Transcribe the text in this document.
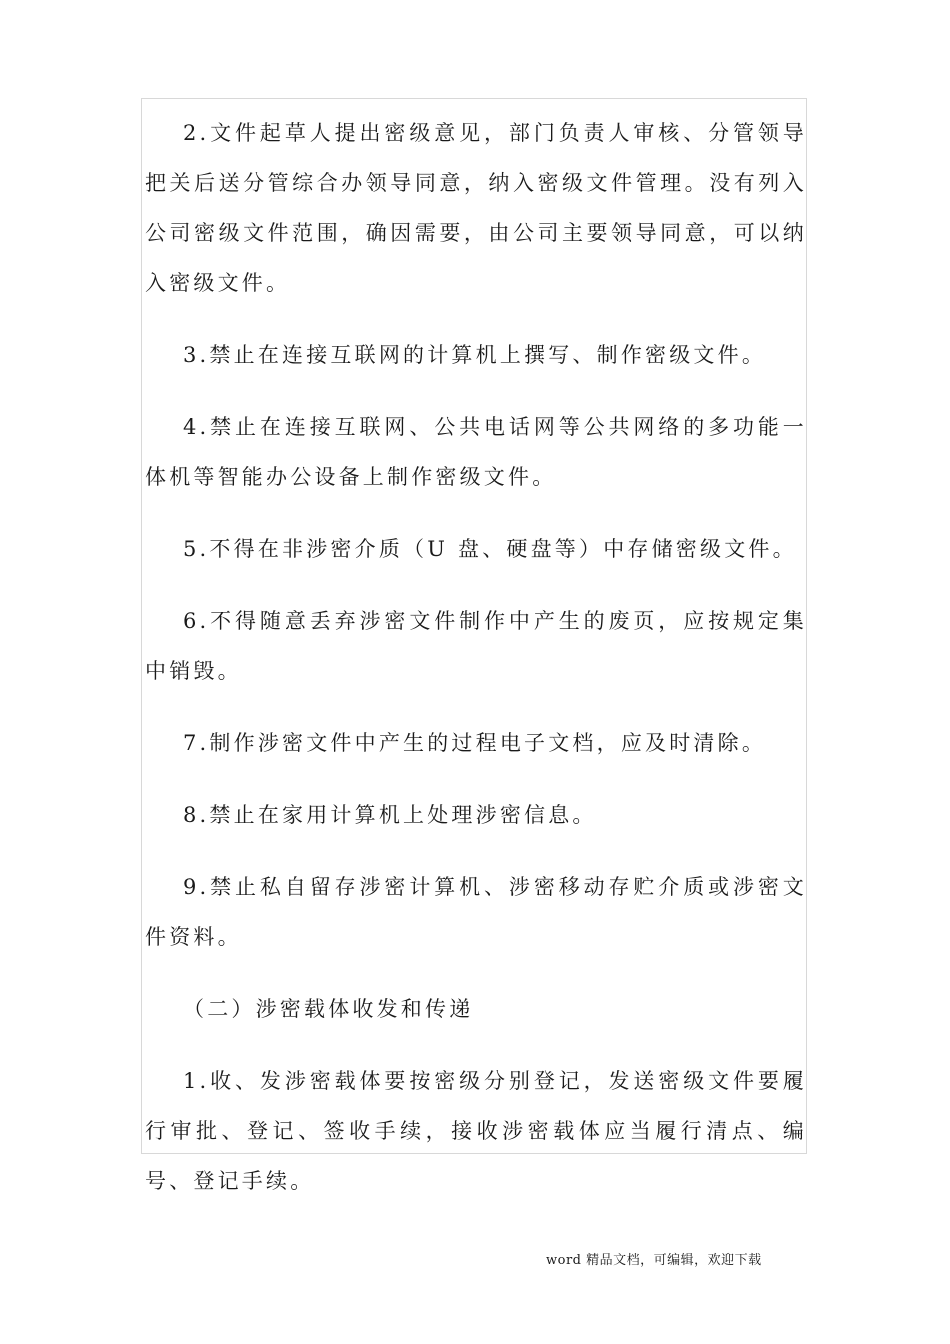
2.文件起草人提出密级意见，部门负责人审核、分管领导把关后送分管综合办领导同意，纳入密级文件管理。没有列入公司密级文件范围，确因需要，由公司主要领导同意，可以纳入密级文件。

3.禁止在连接互联网的计算机上撰写、制作密级文件。

4.禁止在连接互联网、公共电话网等公共网络的多功能一体机等智能办公设备上制作密级文件。

5.不得在非涉密介质（U 盘、硬盘等）中存储密级文件。

6.不得随意丢弃涉密文件制作中产生的废页，应按规定集中销毁。

7.制作涉密文件中产生的过程电子文档，应及时清除。

8.禁止在家用计算机上处理涉密信息。

9.禁止私自留存涉密计算机、涉密移动存贮介质或涉密文件资料。

（二）涉密载体收发和传递

1.收、发涉密载体要按密级分别登记，发送密级文件要履行审批、登记、签收手续，接收涉密载体应当履行清点、编号、登记手续。

word 精品文档，可编辑，欢迎下载
